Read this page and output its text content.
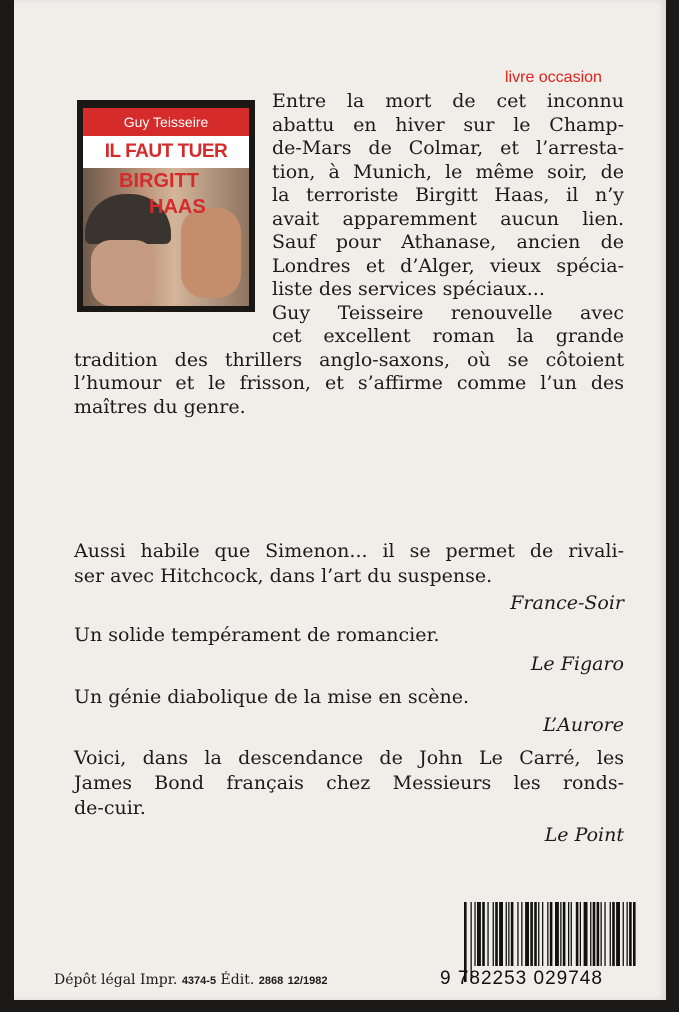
livre occasion
Guy Teisseire
IL FAUT TUER
BIRGITT
HAAS
Entre la mort de cet inconnu
abattu en hiver sur le Champ-
de-Mars de Colmar, et l’arresta-
tion, à Munich, le même soir, de
la terroriste Birgitt Haas, il n’y
avait apparemment aucun lien.
Sauf pour Athanase, ancien de
Londres et d’Alger, vieux spécia-
liste des services spéciaux...
Guy Teisseire renouvelle avec
cet excellent roman la grande
tradition des thrillers anglo-saxons, où se côtoient
l’humour et le frisson, et s’affirme comme l’un des
maîtres du genre.
Aussi habile que Simenon... il se permet de rivali-
ser avec Hitchcock, dans l’art du suspense.
France-Soir
Un solide tempérament de romancier.
Le Figaro
Un génie diabolique de la mise en scène.
L’Aurore
Voici, dans la descendance de John Le Carré, les
James Bond français chez Messieurs les ronds-
de-cuir.
Le Point
Dépôt légal Impr. 4374-5 Édit. 2868 12/1982	9 782253 029748
